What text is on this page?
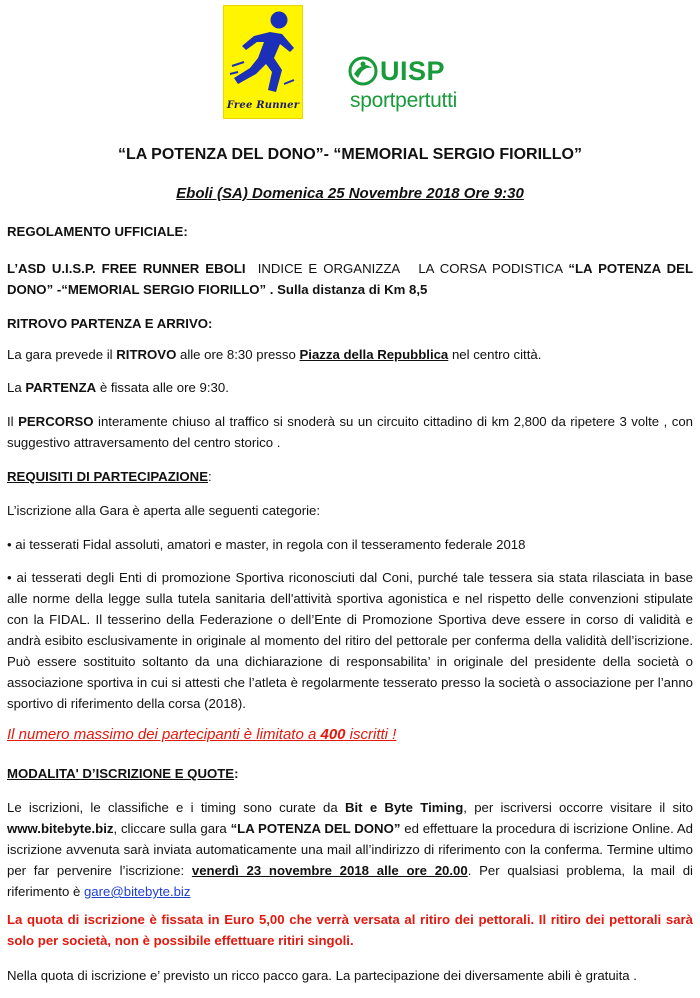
Free Runner
UISP
sportpertutti
“LA POTENZA DEL DONO”- “MEMORIAL SERGIO FIORILLO”
Eboli (SA) Domenica 25 Novembre 2018 Ore 9:30
REGOLAMENTO UFFICIALE:
L’ASD U.I.S.P. FREE RUNNER EBOLI INDICE E ORGANIZZA LA CORSA PODISTICA “LA POTENZA DEL DONO” -“MEMORIAL SERGIO FIORILLO” . Sulla distanza di Km 8,5
RITROVO PARTENZA E ARRIVO:
La gara prevede il RITROVO alle ore 8:30 presso Piazza della Repubblica nel centro città.
La PARTENZA è fissata alle ore 9:30.
Il PERCORSO interamente chiuso al traffico si snoderà su un circuito cittadino di km 2,800 da ripetere 3 volte , con suggestivo attraversamento del centro storico .
REQUISITI DI PARTECIPAZIONE:
L’iscrizione alla Gara è aperta alle seguenti categorie:
• ai tesserati Fidal assoluti, amatori e master, in regola con il tesseramento federale 2018
• ai tesserati degli Enti di promozione Sportiva riconosciuti dal Coni, purché tale tessera sia stata rilasciata in base alle norme della legge sulla tutela sanitaria dell'attività sportiva agonistica e nel rispetto delle convenzioni stipulate con la FIDAL. Il tesserino della Federazione o dell’Ente di Promozione Sportiva deve essere in corso di validità e andrà esibito esclusivamente in originale al momento del ritiro del pettorale per conferma della validità dell’iscrizione. Può essere sostituito soltanto da una dichiarazione di responsabilita’ in originale del presidente della società o associazione sportiva in cui si attesti che l’atleta è regolarmente tesserato presso la società o associazione per l’anno sportivo di riferimento della corsa (2018).
Il numero massimo dei partecipanti è limitato a 400 iscritti !
MODALITA' D’ISCRIZIONE E QUOTE:
Le iscrizioni, le classifiche e i timing sono curate da Bit e Byte Timing, per iscriversi occorre visitare il sito www.bitebyte.biz, cliccare sulla gara “LA POTENZA DEL DONO” ed effettuare la procedura di iscrizione Online. Ad iscrizione avvenuta sarà inviata automaticamente una mail all’indirizzo di riferimento con la conferma. Termine ultimo per far pervenire l’iscrizione: venerdì 23 novembre 2018 alle ore 20.00. Per qualsiasi problema, la mail di riferimento è gare@bitebyte.biz
La quota di iscrizione è fissata in Euro 5,00 che verrà versata al ritiro dei pettorali. Il ritiro dei pettorali sarà solo per società, non è possibile effettuare ritiri singoli.
Nella quota di iscrizione e’ previsto un ricco pacco gara. La partecipazione dei diversamente abili è gratuita .
